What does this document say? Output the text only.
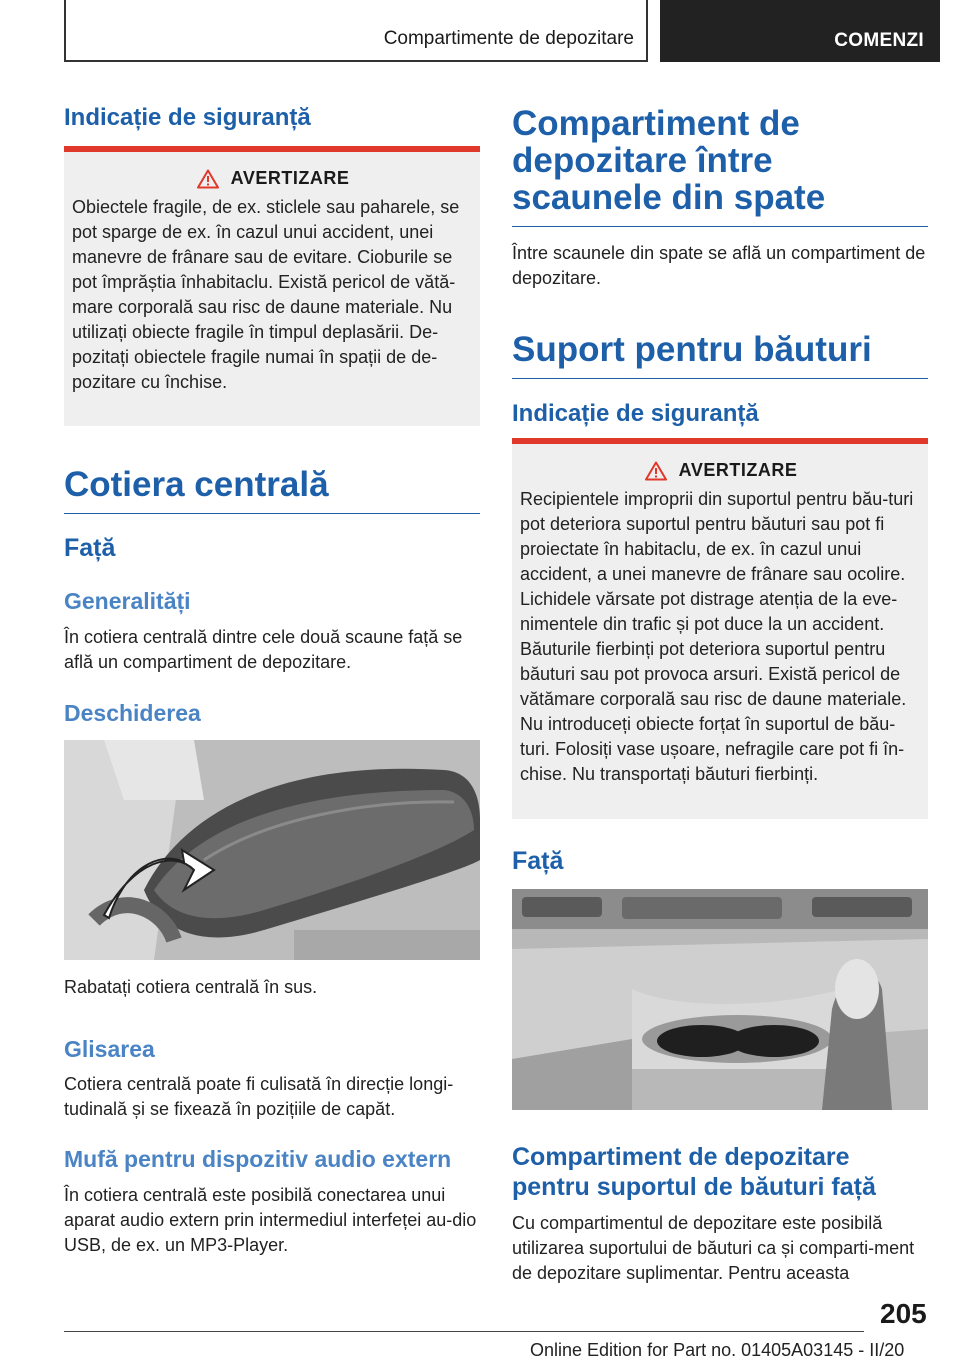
Compartimente de depozitare	COMENZI
Indicație de siguranță
AVERTIZARE
Obiectele fragile, de ex. sticlele sau paharele, se pot sparge de ex. în cazul unui accident, unei manevre de frânare sau de evitare. Cioburile se pot împrăștia înhabitaclu. Există pericol de vătă-mare corporală sau risc de daune materiale. Nu utilizați obiecte fragile în timpul deplasării. De-pozitați obiectele fragile numai în spații de de-pozitare cu închise.
Cotiera centrală
Față
Generalități

În cotiera centrală dintre cele două scaune față se află un compartiment de depozitare.

Deschiderea

Rabatați cotiera centrală în sus.

Glisarea

Cotiera centrală poate fi culisată în direcție longi-tudinală și se fixează în pozițiile de capăt.

Mufă pentru dispozitiv audio extern

În cotiera centrală este posibilă conectarea unui aparat audio extern prin intermediul interfeței au-dio USB, de ex. un MP3-Player.

Compartiment de depozitare între scaunele din spate

Între scaunele din spate se află un compartiment de depozitare.

Suport pentru băuturi
Indicație de siguranță
AVERTIZARE
Recipientele improprii din suportul pentru bău-turi pot deteriora suportul pentru băuturi sau pot fi proiectate în habitaclu, de ex. în cazul unui accident, a unei manevre de frânare sau ocolire. Lichidele vărsate pot distrage atenția de la eve-nimentele din trafic și pot duce la un accident. Băuturile fierbinți pot deteriora suportul pentru băuturi sau pot provoca arsuri. Există pericol de vătămare corporală sau risc de daune materiale. Nu introduceți obiecte forțat în suportul de bău-turi. Folosiți vase ușoare, nefragile care pot fi în-chise. Nu transportați băuturi fierbinți.
Față
Compartiment de depozitare pentru suportul de băuturi față

Cu compartimentul de depozitare este posibilă utilizarea suportului de băuturi ca și comparti-ment de depozitare suplimentar. Pentru aceasta

205
Online Edition for Part no. 01405A03145 - II/20
